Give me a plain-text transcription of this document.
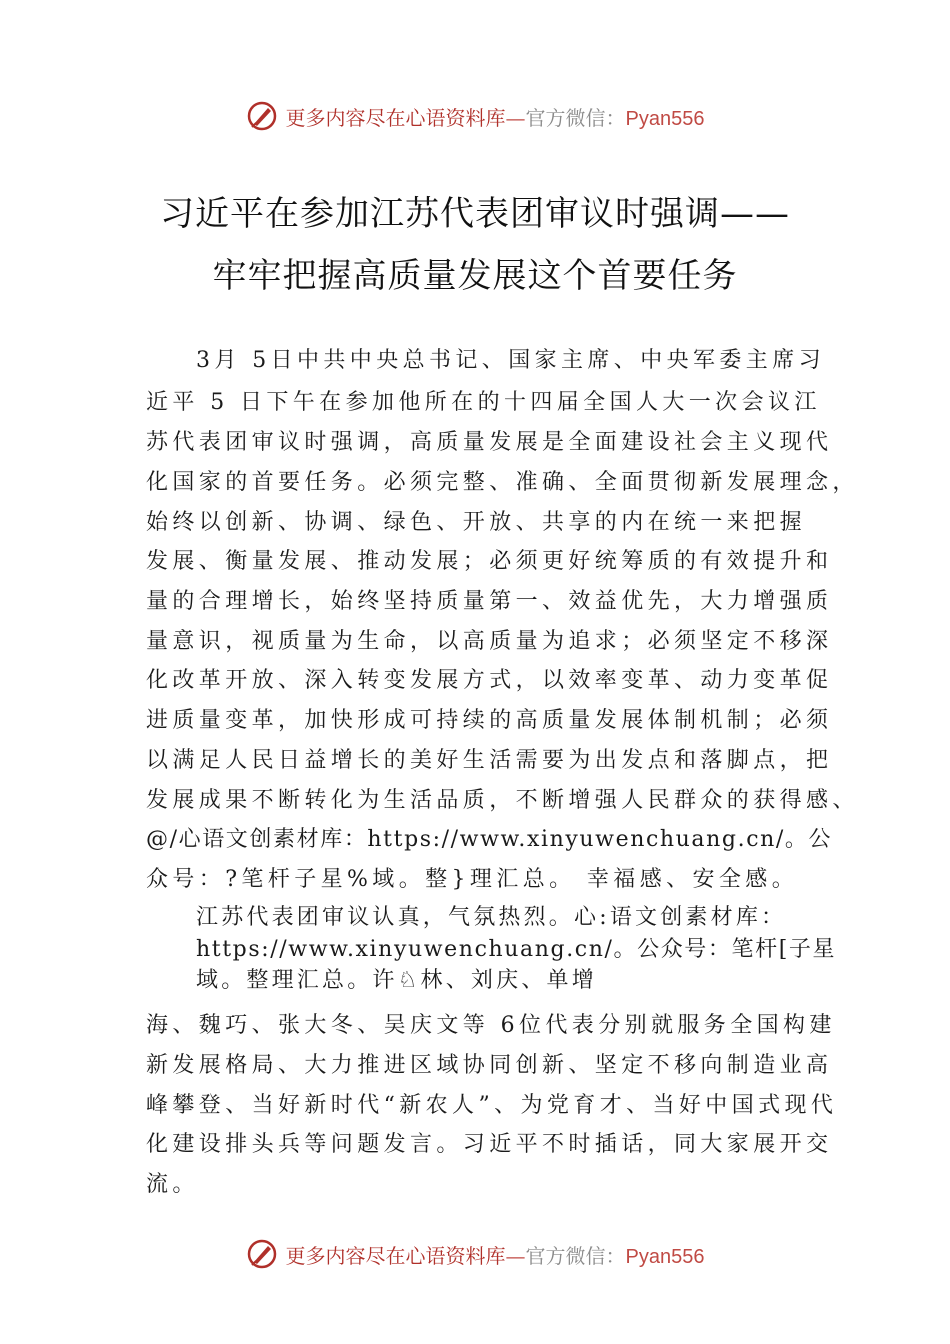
更多内容尽在心语资料库—官方微信：Pyan556
习近平在参加江苏代表团审议时强调——
牢牢把握高质量发展这个首要任务
3月 5日中共中央总书记、国家主席、中央军委主席习
近平 5 日下午在参加他所在的十四届全国人大一次会议江
苏代表团审议时强调，高质量发展是全面建设社会主义现代
化国家的首要任务。必须完整、准确、全面贯彻新发展理念，
始终以创新、协调、绿色、开放、共享的内在统一来把握
发展、衡量发展、推动发展；必须更好统筹质的有效提升和
量的合理增长，始终坚持质量第一、效益优先，大力增强质
量意识，视质量为生命，以高质量为追求；必须坚定不移深
化改革开放、深入转变发展方式，以效率变革、动力变革促
进质量变革，加快形成可持续的高质量发展体制机制；必须
以满足人民日益增长的美好生活需要为出发点和落脚点，把
发展成果不断转化为生活品质，不断增强人民群众的获得感、
@/心语文创素材库：https://www.xinyuwenchuang.cn/。公
众号：?笔杆子星%域。整}理汇总。 幸福感、安全感。
江苏代表团审议认真，气氛热烈。心:语文创素材库：
https://www.xinyuwenchuang.cn/。公众号：笔杆[子星
域。整理汇总。许♘林、刘庆、单增
海、魏巧、张大冬、吴庆文等 6位代表分别就服务全国构建
新发展格局、大力推进区域协同创新、坚定不移向制造业高
峰攀登、当好新时代“新农人”、为党育才、当好中国式现代
化建设排头兵等问题发言。习近平不时插话，同大家展开交
流。
更多内容尽在心语资料库—官方微信：Pyan556
